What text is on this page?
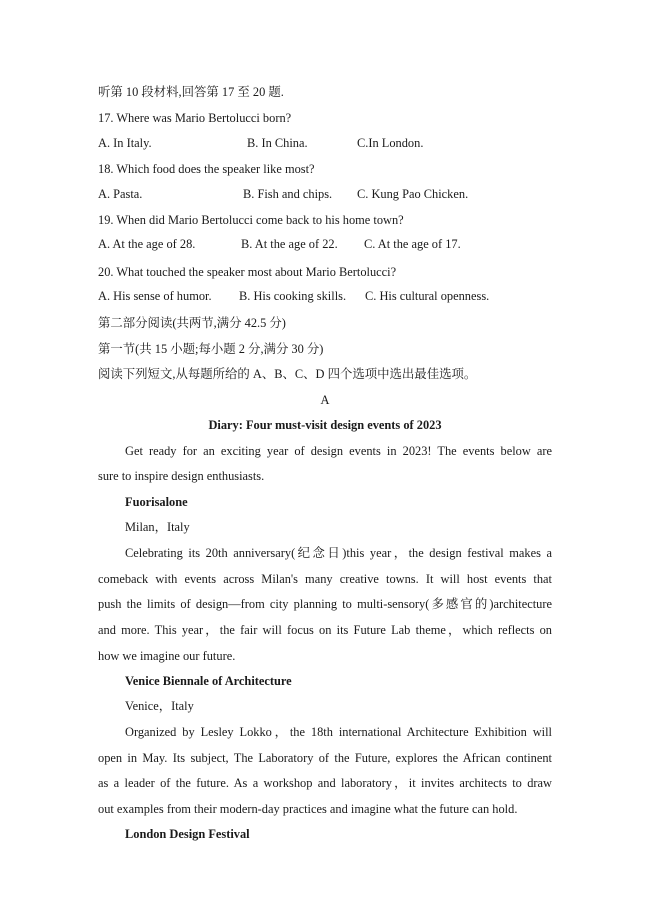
听第 10 段材料,回答第 17 至 20 题.
17. Where was Mario Bertolucci born?
A. In Italy.	B. In China.	C.In London.
18. Which food does the speaker like most?
A. Pasta.	B. Fish and chips. C. Kung Pao Chicken.
19. When did Mario Bertolucci come back to his home town?
A. At the age of 28.	B. At the age of 22. C. At the age of 17.
20. What touched the speaker most about Mario Bertolucci?
A. His sense of humor. B. His cooking skills. C. His cultural openness.
第二部分阅读(共两节,满分 42.5 分)
第一节(共 15 小题;每小题 2 分,满分 30 分)
阅读下列短文,从每题所给的 A、B、C、D 四个选项中选出最佳选项。
A
Diary: Four must-visit design events of 2023
Get ready for an exciting year of design events in 2023! The events below are
sure to inspire design enthusiasts.
Fuorisalone
Milan，Italy
Celebrating its 20th anniversary(纪念日)this year，the design festival makes a
comeback with events across Milan's many creative towns. It will host events that
push the limits of design—from city planning to multi-sensory(多感官的)architecture
and more. This year，the fair will focus on its Future Lab theme，which reflects on
how we imagine our future.
Venice Biennale of Architecture
Venice，Italy
Organized by Lesley Lokko，the 18th international Architecture Exhibition will
open in May. Its subject, The Laboratory of the Future, explores the African continent
as a leader of the future. As a workshop and laboratory，it invites architects to draw
out examples from their modern-day practices and imagine what the future can hold.
London Design Festival
